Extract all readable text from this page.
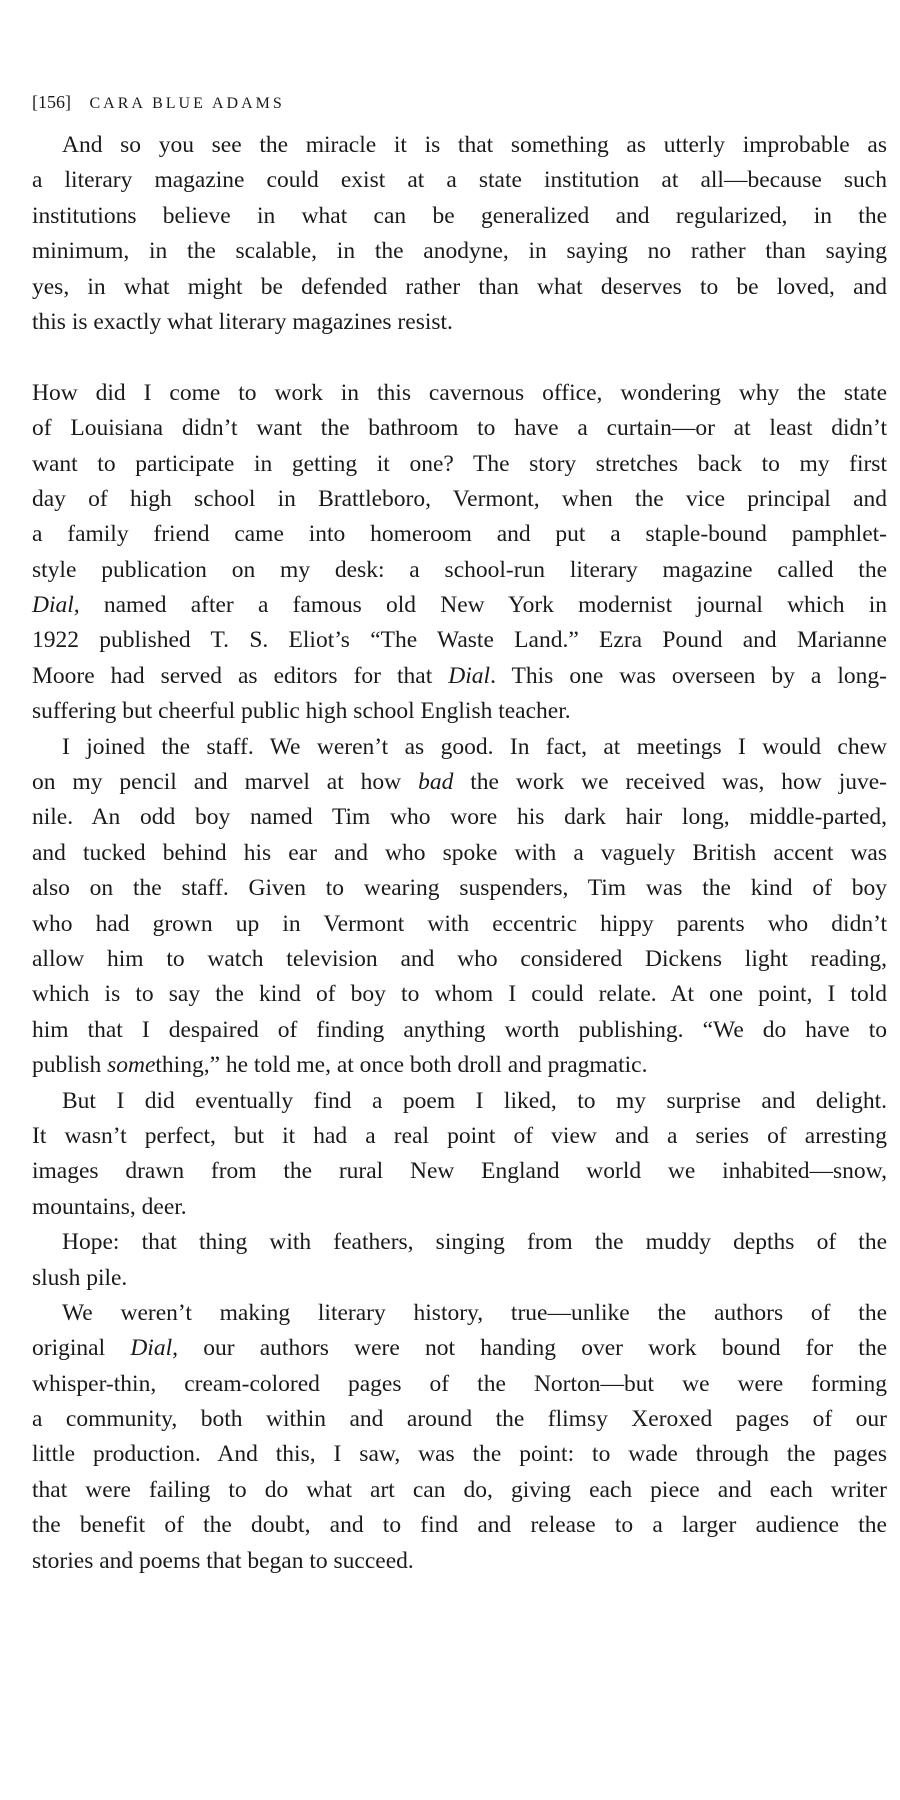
[156] CARA BLUE ADAMS
And so you see the miracle it is that something as utterly improbable as
a literary magazine could exist at a state institution at all—because such
institutions believe in what can be generalized and regularized, in the
minimum, in the scalable, in the anodyne, in saying no rather than saying
yes, in what might be defended rather than what deserves to be loved, and
this is exactly what literary magazines resist.
How did I come to work in this cavernous office, wondering why the state
of Louisiana didn’t want the bathroom to have a curtain—or at least didn’t
want to participate in getting it one? The story stretches back to my first
day of high school in Brattleboro, Vermont, when the vice principal and
a family friend came into homeroom and put a staple-bound pamphlet-
style publication on my desk: a school-run literary magazine called the
Dial, named after a famous old New York modernist journal which in
1922 published T. S. Eliot’s “The Waste Land.” Ezra Pound and Marianne
Moore had served as editors for that Dial. This one was overseen by a long-
suffering but cheerful public high school English teacher.
I joined the staff. We weren’t as good. In fact, at meetings I would chew
on my pencil and marvel at how bad the work we received was, how juve-
nile. An odd boy named Tim who wore his dark hair long, middle-parted,
and tucked behind his ear and who spoke with a vaguely British accent was
also on the staff. Given to wearing suspenders, Tim was the kind of boy
who had grown up in Vermont with eccentric hippy parents who didn’t
allow him to watch television and who considered Dickens light reading,
which is to say the kind of boy to whom I could relate. At one point, I told
him that I despaired of finding anything worth publishing. “We do have to
publish something,” he told me, at once both droll and pragmatic.
But I did eventually find a poem I liked, to my surprise and delight.
It wasn’t perfect, but it had a real point of view and a series of arresting
images drawn from the rural New England world we inhabited—snow,
mountains, deer.
Hope: that thing with feathers, singing from the muddy depths of the
slush pile.
We weren’t making literary history, true—unlike the authors of the
original Dial, our authors were not handing over work bound for the
whisper-thin, cream-colored pages of the Norton—but we were forming
a community, both within and around the flimsy Xeroxed pages of our
little production. And this, I saw, was the point: to wade through the pages
that were failing to do what art can do, giving each piece and each writer
the benefit of the doubt, and to find and release to a larger audience the
stories and poems that began to succeed.
